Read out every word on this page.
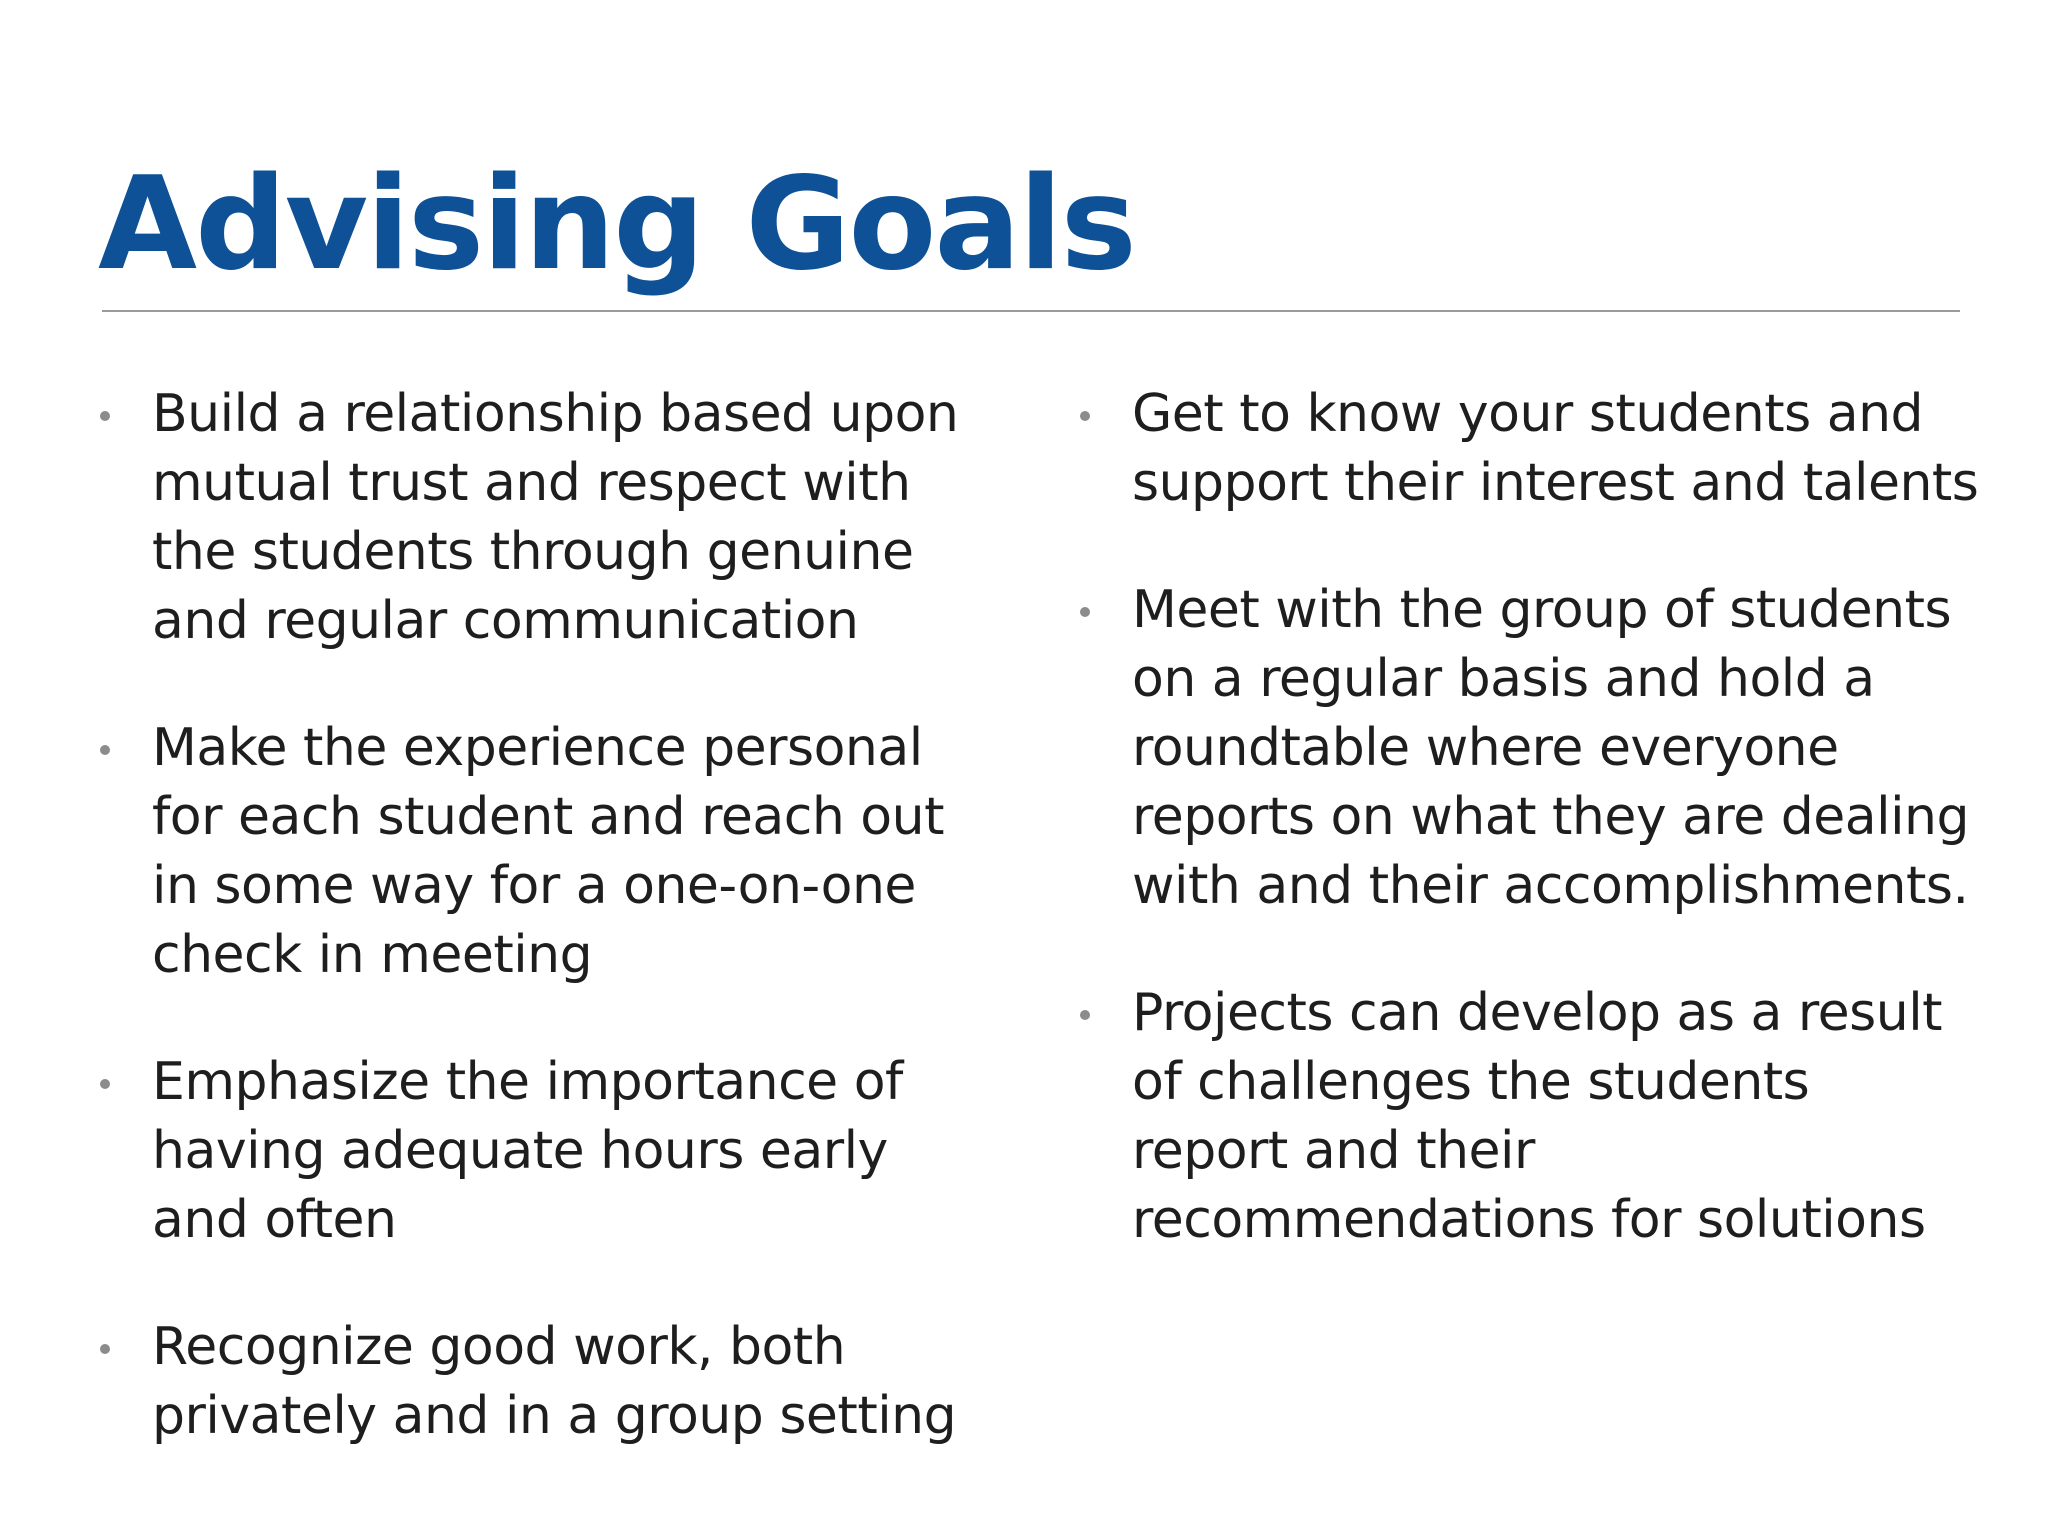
Advising Goals
Build a relationship based upon mutual trust and respect with the students through genuine and regular communication
Make the experience personal for each student and reach out in some way for a one-on-one check in meeting
Emphasize the importance of having adequate hours early and often
Recognize good work, both privately and in a group setting
Get to know your students and support their interest and talents
Meet with the group of students on a regular basis and hold a roundtable where everyone reports on what they are dealing with and their accomplishments.
Projects can develop as a result of challenges the students report and their recommendations for solutions
